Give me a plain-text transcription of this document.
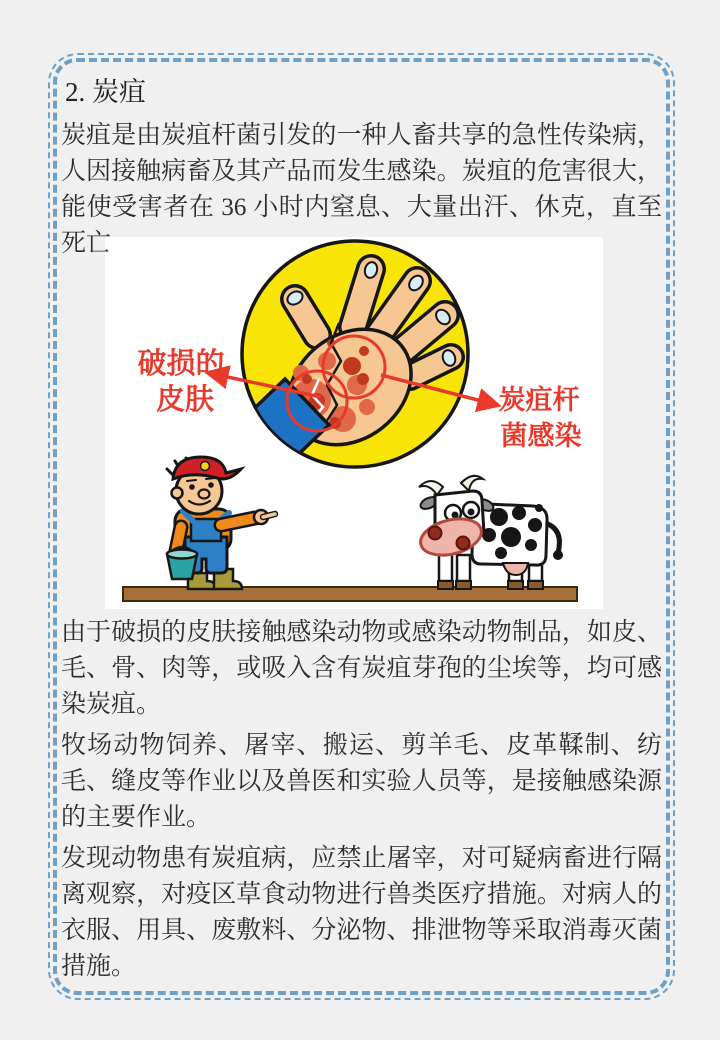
2. 炭疽

炭疽是由炭疽杆菌引发的一种人畜共享的急性传染病，人因接触病畜及其产品而发生感染。炭疽的危害很大，能使受害者在 36 小时内窒息、大量出汗、休克，直至死亡

破损的
皮肤	炭疽杆
菌感染

由于破损的皮肤接触感染动物或感染动物制品，如皮、毛、骨、肉等，或吸入含有炭疽芽孢的尘埃等，均可感染炭疽。

牧场动物饲养、屠宰、搬运、剪羊毛、皮革鞣制、纺毛、缝皮等作业以及兽医和实验人员等，是接触感染源的主要作业。

发现动物患有炭疽病，应禁止屠宰，对可疑病畜进行隔离观察，对疫区草食动物进行兽类医疗措施。对病人的衣服、用具、废敷料、分泌物、排泄物等采取消毒灭菌措施。
